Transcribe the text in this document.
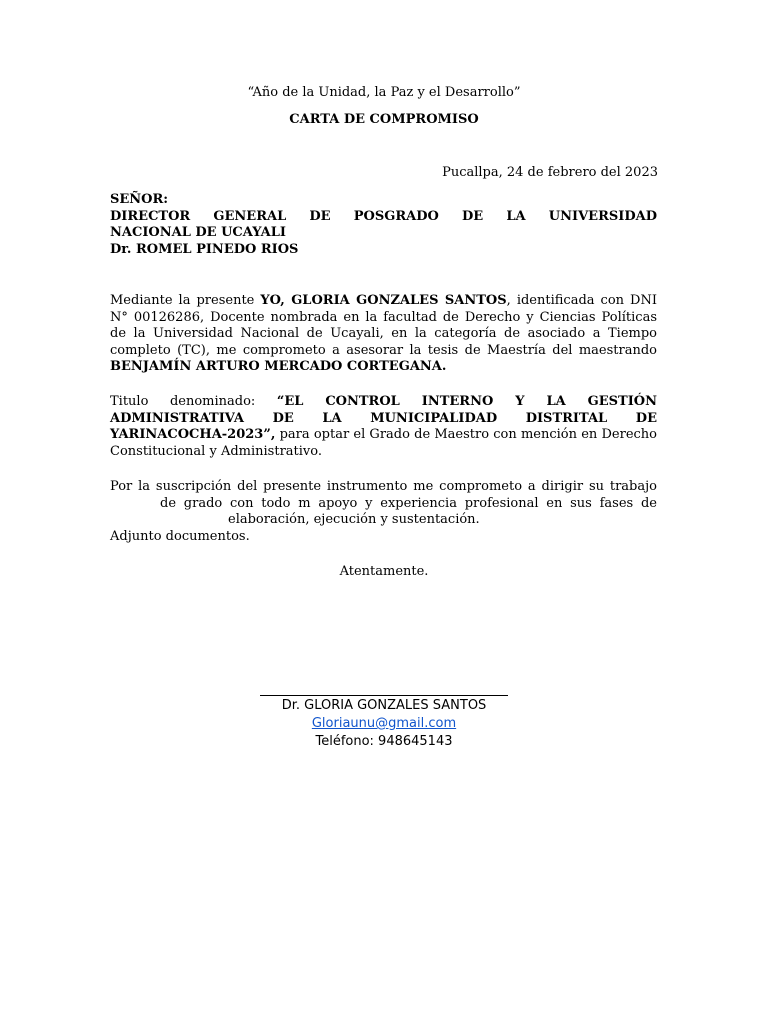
“Año de la Unidad, la Paz y el Desarrollo”
CARTA DE COMPROMISO
Pucallpa, 24 de febrero del 2023
SEÑOR:
DIRECTOR GENERAL DE POSGRADO DE LA UNIVERSIDAD
NACIONAL DE UCAYALI
Dr. ROMEL PINEDO RIOS
Mediante la presente YO, GLORIA GONZALES SANTOS, identificada con DNI N° 00126286, Docente nombrada en la facultad de Derecho y Ciencias Políticas de la Universidad Nacional de Ucayali, en la categoría de asociado a Tiempo completo (TC), me comprometo a asesorar la tesis de Maestría del maestrando BENJAMÍN ARTURO MERCADO CORTEGANA.
Titulo denominado: “EL CONTROL INTERNO Y LA GESTIÓN ADMINISTRATIVA DE LA MUNICIPALIDAD DISTRITAL DE YARINACOCHA-2023”, para optar el Grado de Maestro con mención en Derecho Constitucional y Administrativo.
Por la suscripción del presente instrumento me comprometo a dirigir su trabajode grado con todo m apoyo y experiencia profesional en sus fases deelaboración, ejecución y sustentación.
Adjunto documentos.
Atentamente.
Dr. GLORIA GONZALES SANTOS
Gloriaunu@gmail.com
Teléfono: 948645143
